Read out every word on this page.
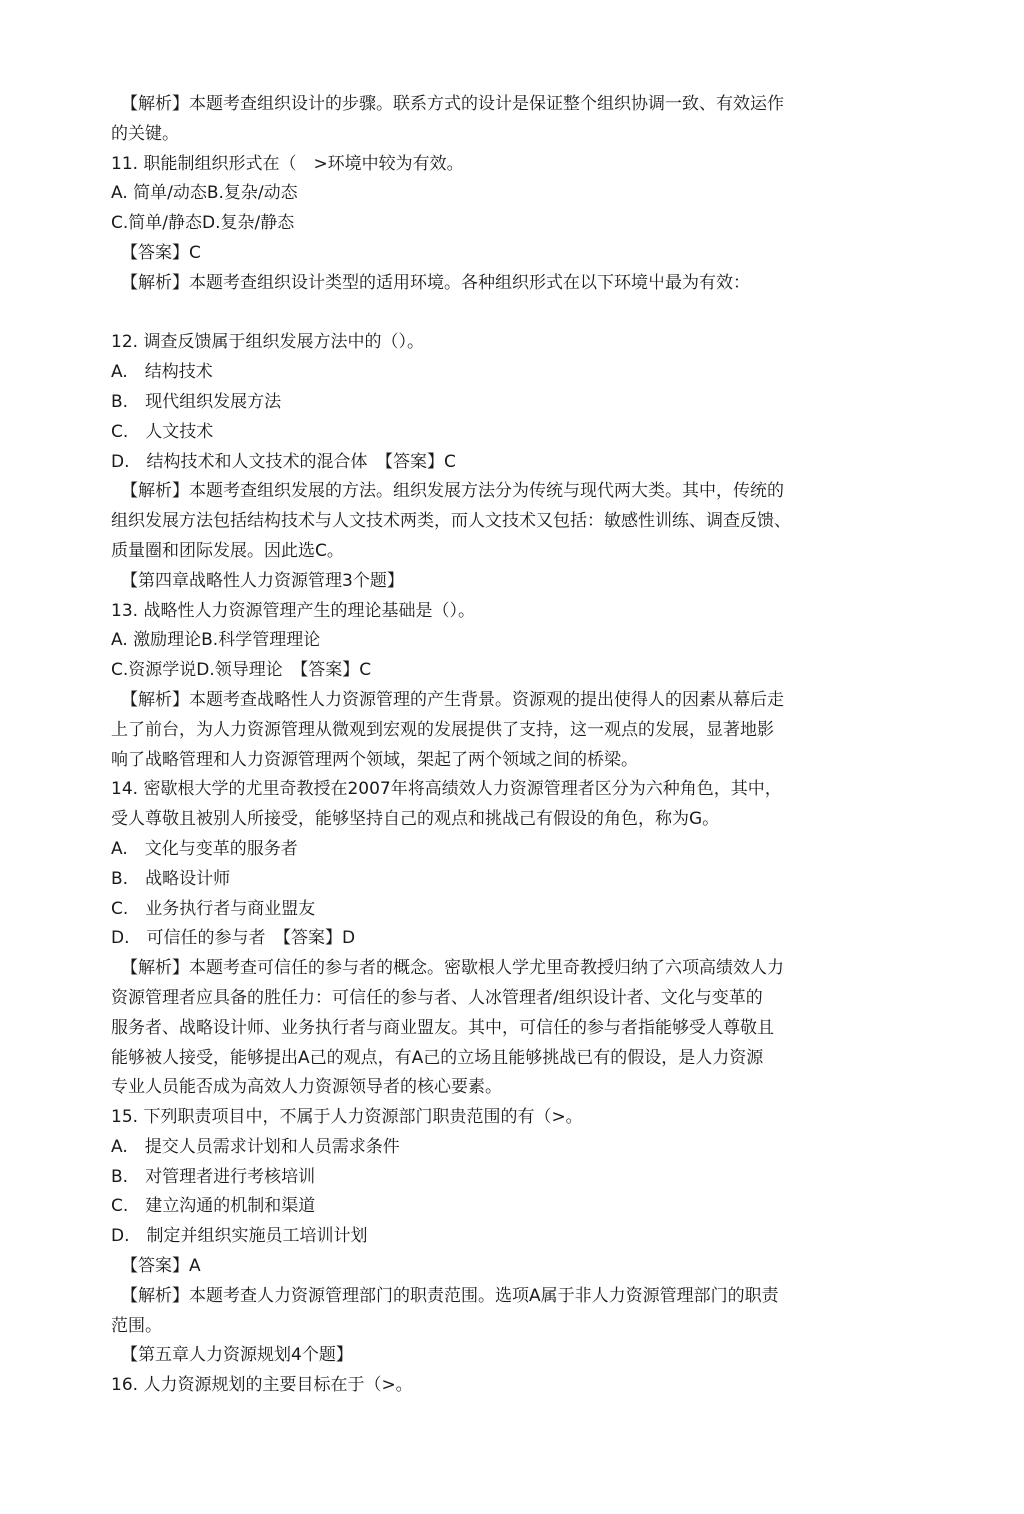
【解析】本题考查组织设计的步骤。联系方式的设计是保证整个组织协调一致、有效运作
的关键。
11. 职能制组织形式在（　>环境中较为有效。
A. 简单/动态B.复杂/动态
C.简单/静态D.复杂/静态
【答案】C
【解析】本题考查组织设计类型的适用环境。各种组织形式在以下环境屮最为有效：
12. 调查反馈属于组织发展方法中的（）。
A.　结构技术
B.　现代组织发展方法
C.　人文技术
D.　结构技术和人文技术的混合体　【答案】C
【解析】本题考查组织发展的方法。组织发展方法分为传统与现代两大类。其中，传统的
组织发展方法包括结构技术与人文技术两类，而人文技术又包括：敏感性训练、调查反馈、
质量圈和团际发展。因此选C。
【第四章战略性人力资源管理3个题】
13. 战略性人力资源管理产生的理论基础是（）。
A. 激励理论B.科学管理理论
C.资源学说D.领导理论　【答案】C
【解析】本题考查战略性人力资源管理的产生背景。资源观的提出使得人的因素从幕后走
上了前台，为人力资源管理从微观到宏观的发展提供了支持，这一观点的发展，显著地影
响了战略管理和人力资源管理两个领域，架起了两个领域之间的桥梁。
14. 密歇根大学的尤里奇教授在2007年将高绩效人力资源管理者区分为六种角色，其中，
受人尊敬且被别人所接受，能够坚持自己的观点和挑战己有假设的角色，称为G。
A.　文化与变革的服务者
B.　战略设计师
C.　业务执行者与商业盟友
D.　可信任的参与者　【答案】D
【解析】本题考查可信任的参与者的概念。密歇根人学尤里奇教授归纳了六项高绩效人力
资源管理者应具备的胜任力：可信任的参与者、人冰管理者/组织设计者、文化与变革的
服务者、战略设计师、业务执行者与商业盟友。其中，可信任的参与者指能够受人尊敬且
能够被人接受，能够提出A己的观点，有A己的立场且能够挑战已有的假设，是人力资源
专业人员能否成为高效人力资源领导者的核心要素。
15. 下列职责项目中，不属于人力资源部门职贵范围的有（>。
A.　提交人员需求计划和人员需求条件
B.　对管理者进行考核培训
C.　建立沟通的机制和渠道
D.　制定并组织实施员工培训计划
【答案】A
【解析】本题考查人力资源管理部门的职责范围。选项A属于非人力资源管理部门的职责
范围。
【第五章人力资源规划4个题】
16. 人力资源规划的主要目标在于（>。
